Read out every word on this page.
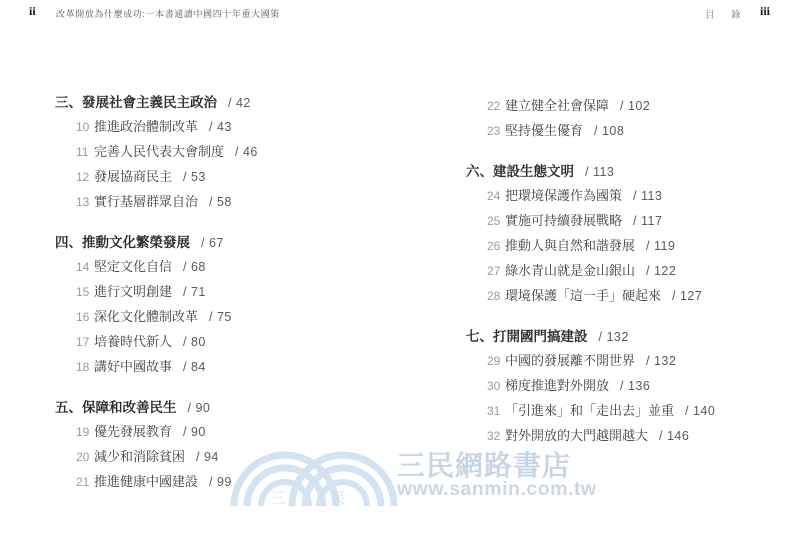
ii 改革開放為什麼成功:一本書通讀中國四十年重大國策	目 錄 iii
三、發展社會主義民主政治 / 42
10 推進政治體制改革 / 43
11 完善人民代表大會制度 / 46
12 發展協商民主 / 53
13 實行基層群眾自治 / 58
四、推動文化繁榮發展 / 67
14 堅定文化自信 / 68
15 進行文明創建 / 71
16 深化文化體制改革 / 75
17 培養時代新人 / 80
18 講好中國故事 / 84
五、保障和改善民生 / 90
19 優先發展教育 / 90
20 減少和消除貧困 / 94
21 推進健康中國建設 / 99
22 建立健全社會保障 / 102
23 堅持優生優育 / 108
六、建設生態文明 / 113
24 把環境保護作為國策 / 113
25 實施可持續發展戰略 / 117
26 推動人與自然和諧發展 / 119
27 綠水青山就是金山銀山 / 122
28 環境保護「這一手」硬起來 / 127
七、打開國門搞建設 / 132
29 中國的發展離不開世界 / 132
30 梯度推進對外開放 / 136
31 「引進來」和「走出去」並重 / 140
32 對外開放的大門越開越大 / 146
三	民
三民網路書店
www.sanmin.com.tw
